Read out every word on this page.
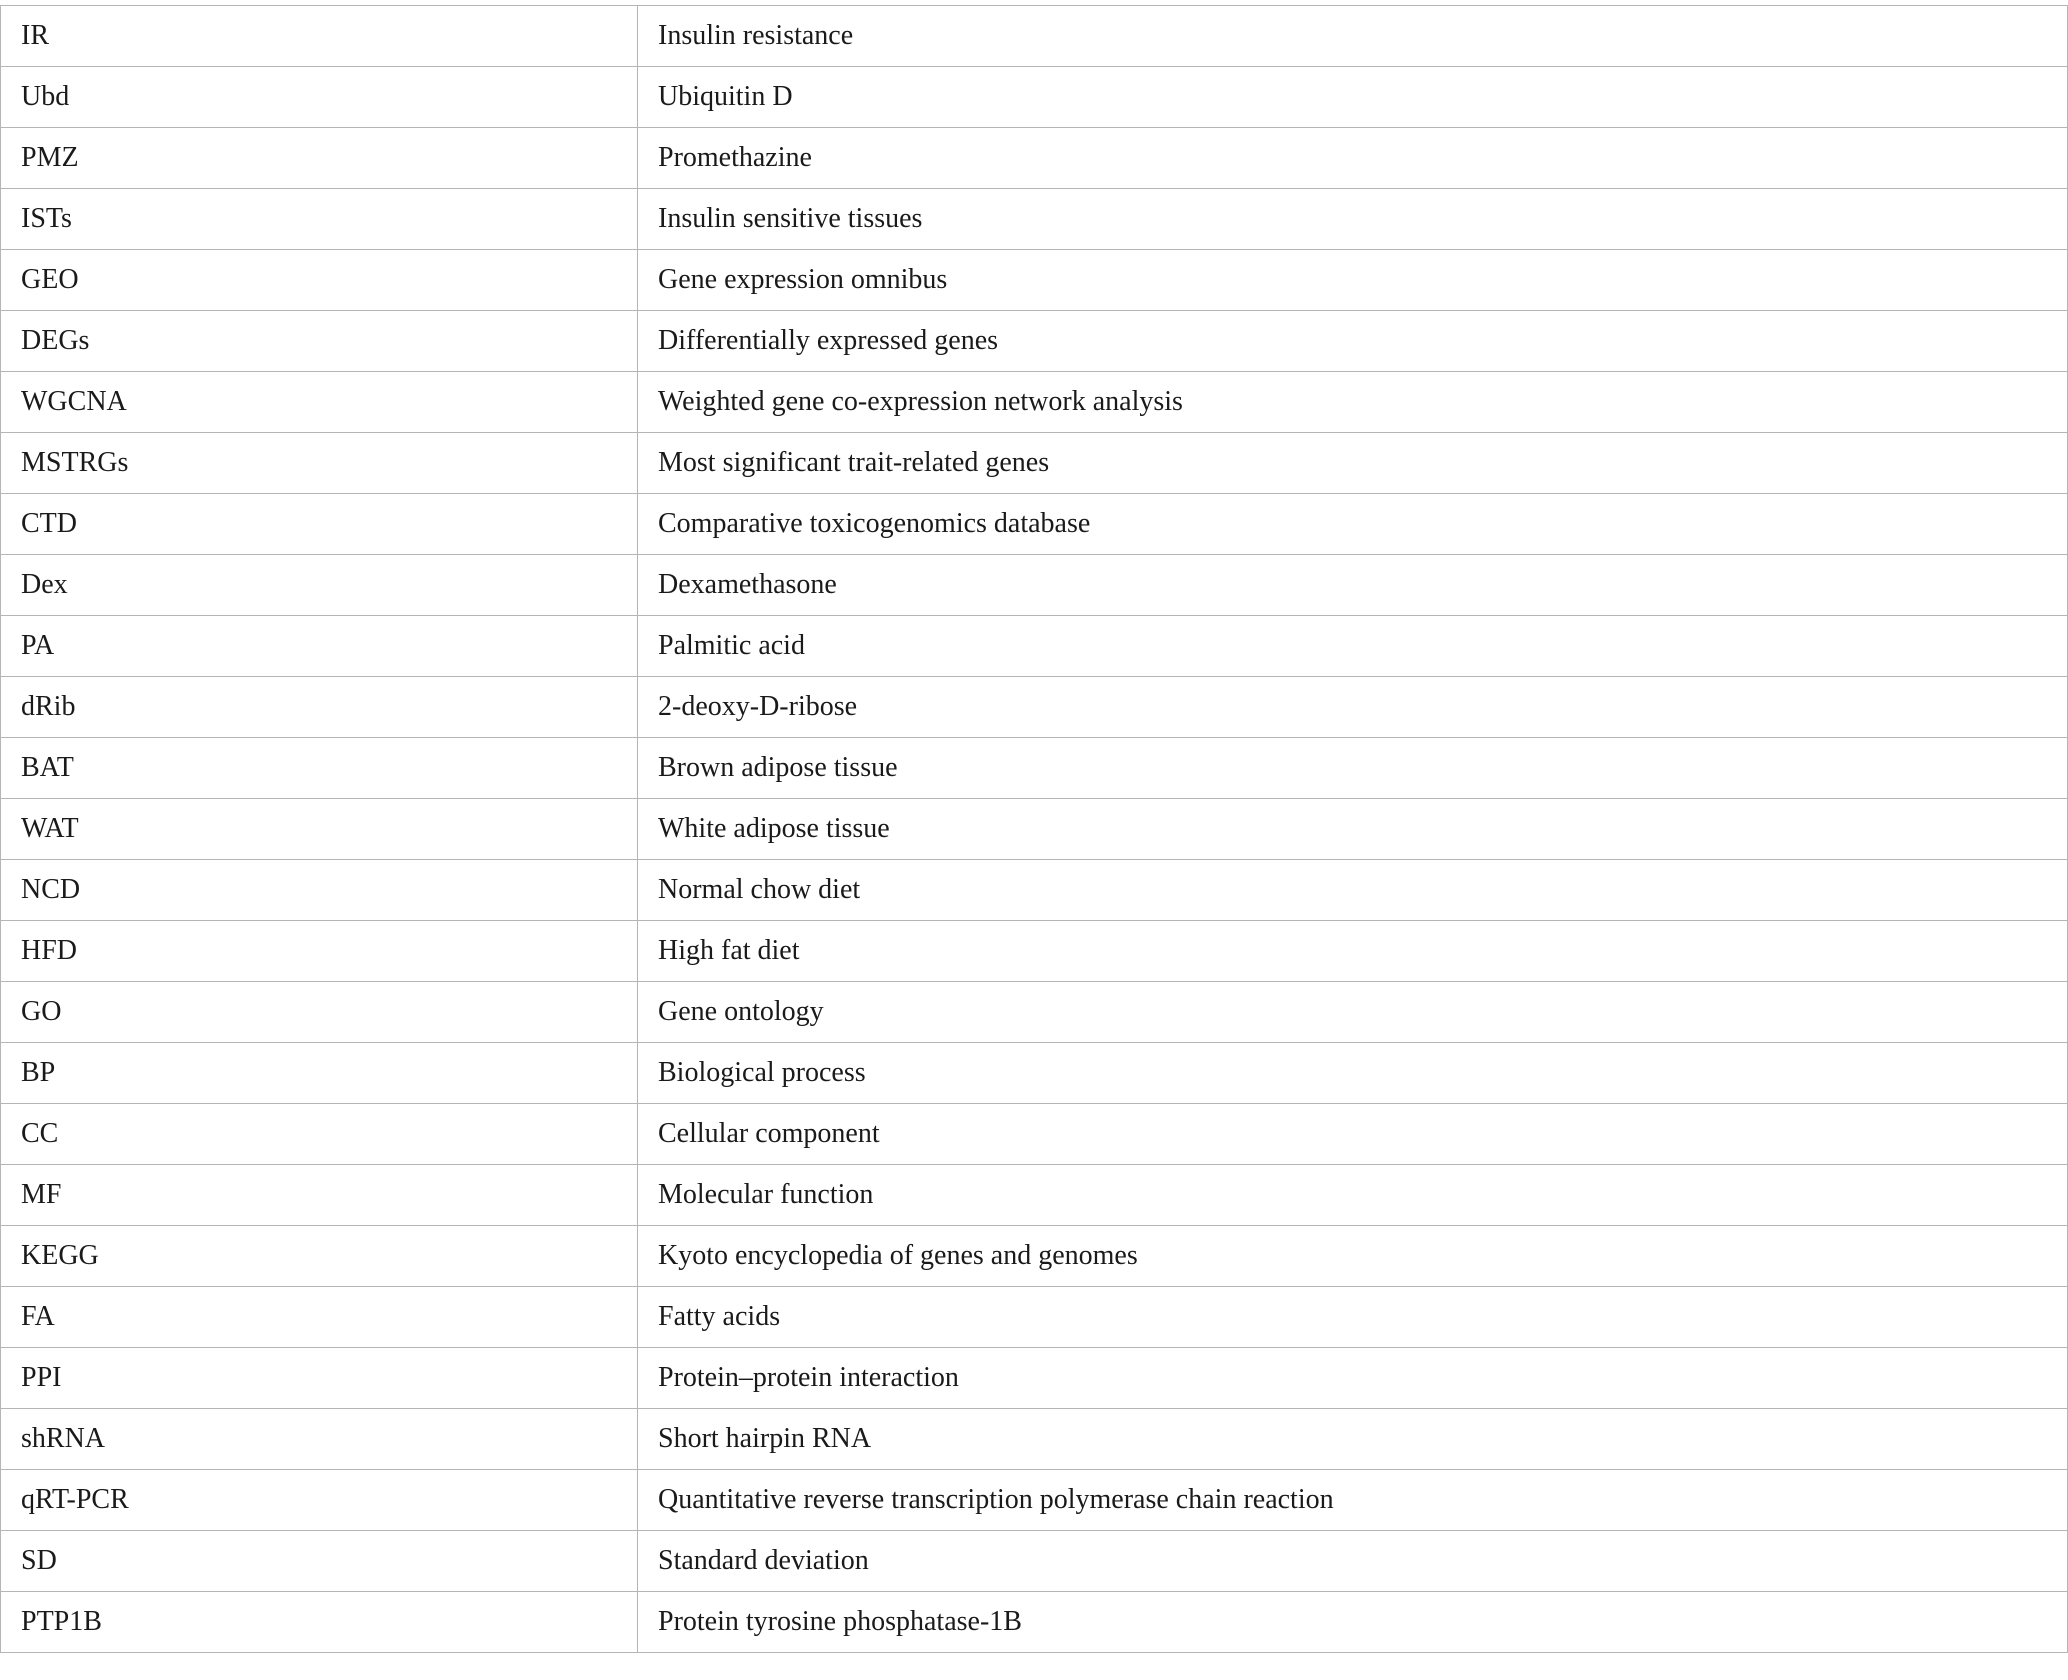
IR	Insulin resistance
Ubd	Ubiquitin D
PMZ	Promethazine
ISTs	Insulin sensitive tissues
GEO	Gene expression omnibus
DEGs	Differentially expressed genes
WGCNA	Weighted gene co-expression network analysis
MSTRGs	Most significant trait-related genes
CTD	Comparative toxicogenomics database
Dex	Dexamethasone
PA	Palmitic acid
dRib	2-deoxy-D-ribose
BAT	Brown adipose tissue
WAT	White adipose tissue
NCD	Normal chow diet
HFD	High fat diet
GO	Gene ontology
BP	Biological process
CC	Cellular component
MF	Molecular function
KEGG	Kyoto encyclopedia of genes and genomes
FA	Fatty acids
PPI	Protein–protein interaction
shRNA	Short hairpin RNA
qRT-PCR	Quantitative reverse transcription polymerase chain reaction
SD	Standard deviation
PTP1B	Protein tyrosine phosphatase-1B
